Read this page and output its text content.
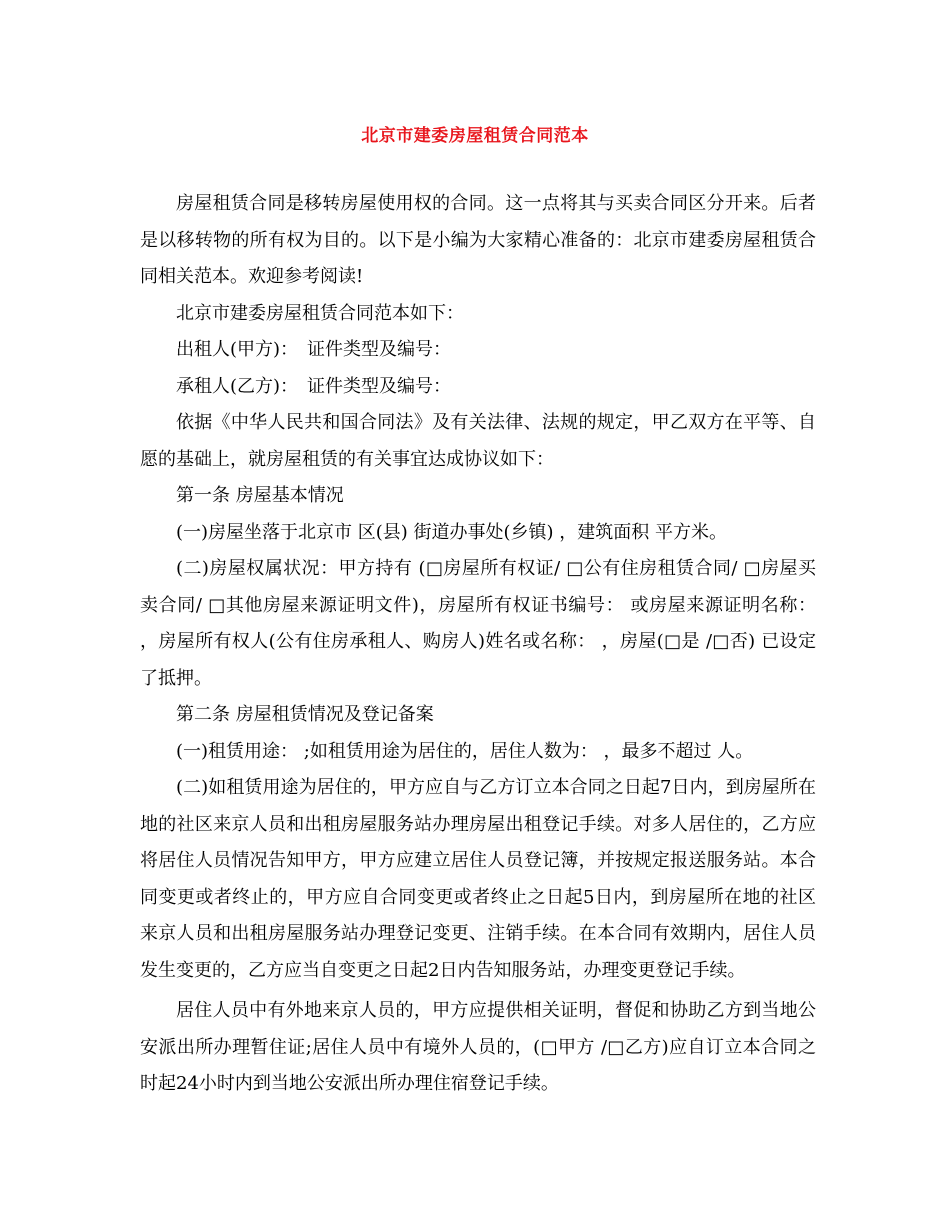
北京市建委房屋租赁合同范本

房屋租赁合同是移转房屋使用权的合同。这一点将其与买卖合同区分开来。后者是以移转物的所有权为目的。以下是小编为大家精心准备的：北京市建委房屋租赁合同相关范本。欢迎参考阅读!

北京市建委房屋租赁合同范本如下：

出租人(甲方)：　证件类型及编号：

承租人(乙方)：　证件类型及编号：

依据《中华人民共和国合同法》及有关法律、法规的规定，甲乙双方在平等、自愿的基础上，就房屋租赁的有关事宜达成协议如下：

第一条 房屋基本情况

(一)房屋坐落于北京市 区(县) 街道办事处(乡镇) ，建筑面积 平方米。

(二)房屋权属状况：甲方持有 (□房屋所有权证/ □公有住房租赁合同/ □房屋买卖合同/ □其他房屋来源证明文件)，房屋所有权证书编号： 或房屋来源证明名称： ，房屋所有权人(公有住房承租人、购房人)姓名或名称： ，房屋(□是 /□否) 已设定了抵押。

第二条 房屋租赁情况及登记备案

(一)租赁用途： ;如租赁用途为居住的，居住人数为： ，最多不超过 人。

(二)如租赁用途为居住的，甲方应自与乙方订立本合同之日起7日内，到房屋所在地的社区来京人员和出租房屋服务站办理房屋出租登记手续。对多人居住的，乙方应将居住人员情况告知甲方，甲方应建立居住人员登记簿，并按规定报送服务站。本合同变更或者终止的，甲方应自合同变更或者终止之日起5日内，到房屋所在地的社区来京人员和出租房屋服务站办理登记变更、注销手续。在本合同有效期内，居住人员发生变更的，乙方应当自变更之日起2日内告知服务站，办理变更登记手续。

居住人员中有外地来京人员的，甲方应提供相关证明，督促和协助乙方到当地公安派出所办理暂住证;居住人员中有境外人员的，(□甲方 /□乙方)应自订立本合同之时起24小时内到当地公安派出所办理住宿登记手续。
